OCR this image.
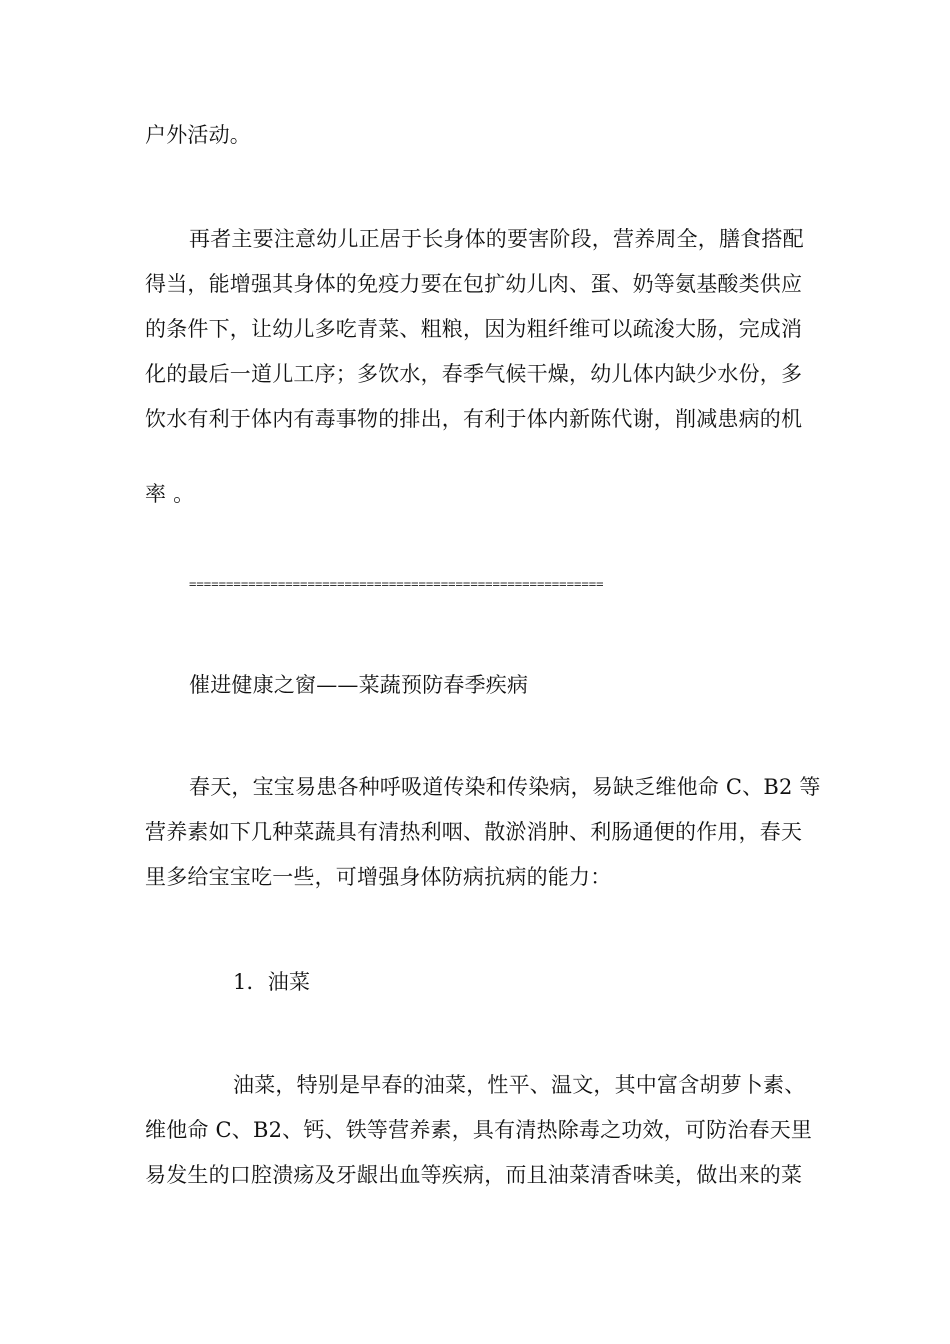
户外活动。
再者主要注意幼儿正居于长身体的要害阶段，营养周全，膳食搭配
得当，能增强其身体的免疫力要在包扩幼儿肉、蛋、奶等氨基酸类供应
的条件下，让幼儿多吃青菜、粗粮，因为粗纤维可以疏浚大肠，完成消
化的最后一道儿工序；多饮水，春季气候干燥，幼儿体内缺少水份，多
饮水有利于体内有毒事物的排出，有利于体内新陈代谢，削减患病的机
率 。
========================================================
催进健康之窗——菜蔬预防春季疾病
春天，宝宝易患各种呼吸道传染和传染病，易缺乏维他命 C、B2 等
营养素如下几种菜蔬具有清热利咽、散淤消肿、利肠通便的作用，春天
里多给宝宝吃一些，可增强身体防病抗病的能力：
1．油菜
油菜，特别是早春的油菜，性平、温文，其中富含胡萝卜素、
维他命 C、B2、钙、铁等营养素，具有清热除毒之功效，可防治春天里
易发生的口腔溃疡及牙龈出血等疾病，而且油菜清香味美，做出来的菜
